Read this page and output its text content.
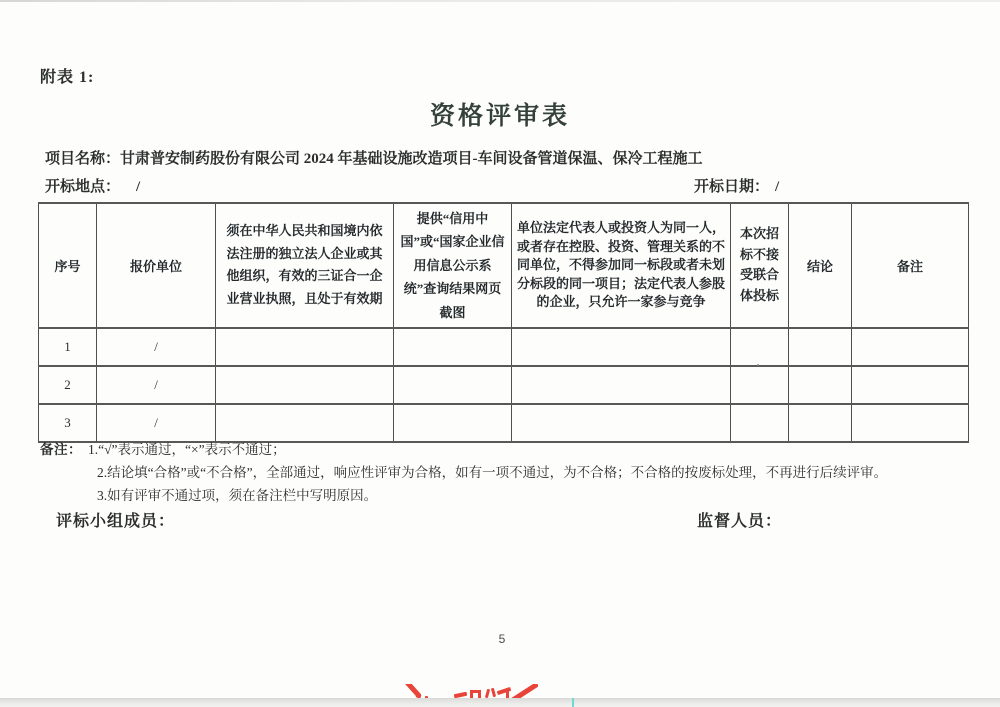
附表 1:
资格评审表
项目名称：甘肃普安制药股份有限公司 2024 年基础设施改造项目-车间设备管道保温、保冷工程施工
开标地点： /	开标日期： /
序号	报价单位	须在中华人民共和国境内依法注册的独立法人企业或其他组织，有效的三证合一企业营业执照，且处于有效期	提供“信用中国”或“国家企业信用信息公示系统”查询结果网页截图	单位法定代表人或投资人为同一人，或者存在控股、投资、管理关系的不同单位，不得参加同一标段或者未划分标段的同一项目；法定代表人参股的企业，只允许一家参与竞争	本次招标不接受联合体投标	结论	备注
1	/						
2	/						
3	/						
备注： 1.“√”表示通过，“×”表示不通过；
2.结论填“合格”或“不合格”，全部通过，响应性评审为合格，如有一项不通过，为不合格；不合格的按废标处理，不再进行后续评审。
3.如有评审不通过项，须在备注栏中写明原因。
评标小组成员：	监督人员：
5
